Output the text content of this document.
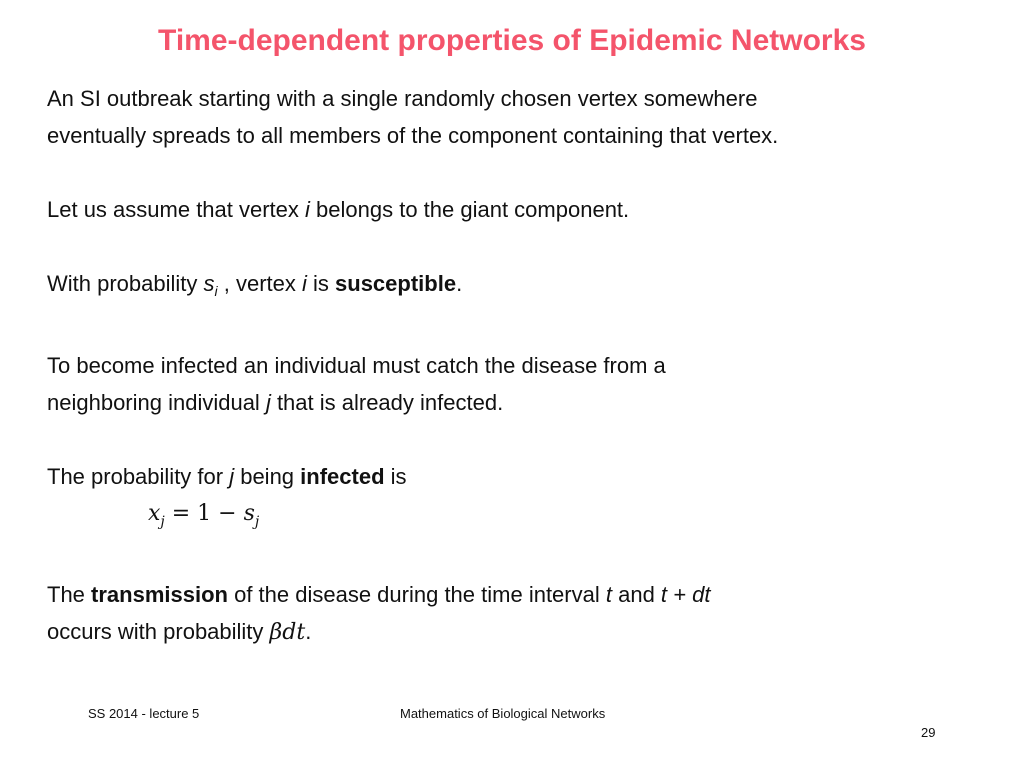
Time-dependent properties of Epidemic Networks
An SI outbreak starting with a single randomly chosen vertex somewhere
eventually spreads to all members of the component containing that vertex.
Let us assume that vertex i belongs to the giant component.
With probability $s_i$ , vertex i is susceptible.
To become infected an individual must catch the disease from a
neighboring individual j that is already infected.
The probability for j being infected is
$x_j = 1 - s_j$
The transmission of the disease during the time interval t and t + dt
occurs with probability βdt.
SS 2014 - lecture 5	Mathematics of Biological Networks
29
